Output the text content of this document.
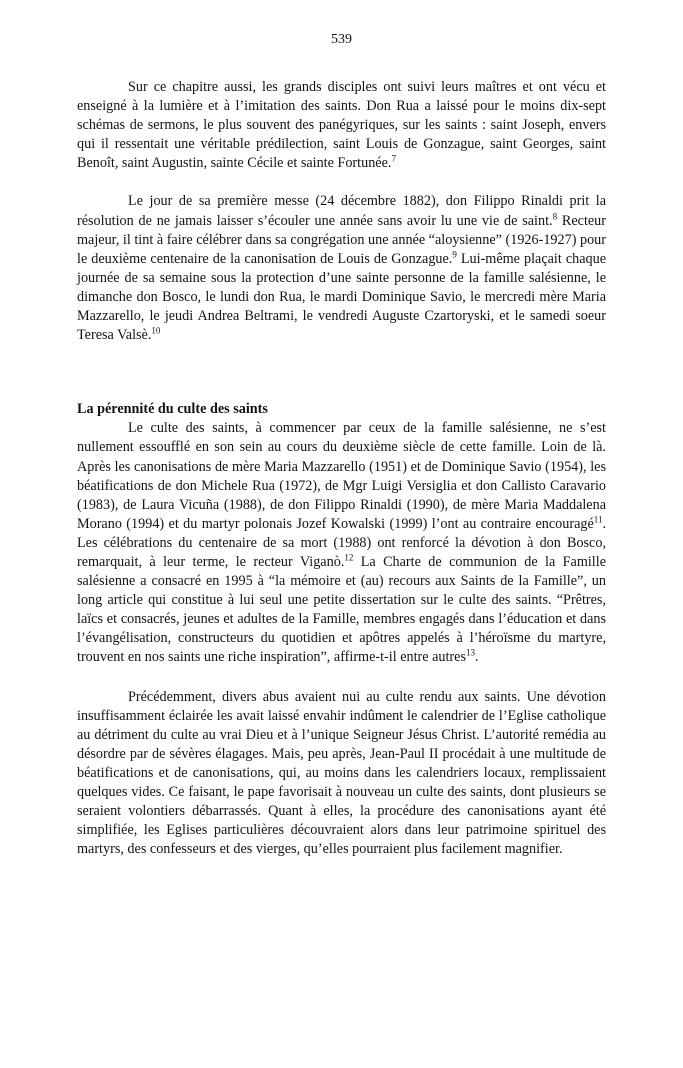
539

Sur ce chapitre aussi, les grands disciples ont suivi leurs maîtres et ont vécu et enseigné à la lumière et à l’imitation des saints. Don Rua a laissé pour le moins dix-sept schémas de sermons, le plus souvent des panégyriques, sur les saints : saint Joseph, envers qui il ressentait une véritable prédilection, saint Louis de Gonzague, saint Georges, saint Benoît, saint Augustin, sainte Cécile et sainte Fortunée.$^7$

Le jour de sa première messe (24 décembre 1882), don Filippo Rinaldi prit la résolution de ne jamais laisser s’écouler une année sans avoir lu une vie de saint.$^8$ Recteur majeur, il tint à faire célébrer dans sa congrégation une année “aloysienne” (1926-1927) pour le deuxième centenaire de la canonisation de Louis de Gonzague.$^9$ Lui-même plaçait chaque journée de sa semaine sous la protection d’une sainte personne de la famille salésienne, le dimanche don Bosco, le lundi don Rua, le mardi Dominique Savio, le mercredi mère Maria Mazzarello, le jeudi Andrea Beltrami, le vendredi Auguste Czartoryski, et le samedi soeur Teresa Valsè.$^{10}$

La pérennité du culte des saints

Le culte des saints, à commencer par ceux de la famille salésienne, ne s’est nullement essoufflé en son sein au cours du deuxième siècle de cette famille. Loin de là. Après les canonisations de mère Maria Mazzarello (1951) et de Dominique Savio (1954), les béatifications de don Michele Rua (1972), de Mgr Luigi Versiglia et don Callisto Caravario (1983), de Laura Vicuña (1988), de don Filippo Rinaldi (1990), de mère Maria Maddalena Morano (1994) et du martyr polonais Jozef Kowalski (1999) l’ont au contraire encouragé$^{11}$. Les célébrations du centenaire de sa mort (1988) ont renforcé la dévotion à don Bosco, remarquait, à leur terme, le recteur Viganò.$^{12}$ La Charte de communion de la Famille salésienne a consacré en 1995 à “la mémoire et (au) recours aux Saints de la Famille”, un long article qui constitue à lui seul une petite dissertation sur le culte des saints. “Prêtres, laïcs et consacrés, jeunes et adultes de la Famille, membres engagés dans l’éducation et dans l’évangélisation, constructeurs du quotidien et apôtres appelés à l’héroïsme du martyre, trouvent en nos saints une riche inspiration”, affirme-t-il entre autres$^{13}$.

Précédemment, divers abus avaient nui au culte rendu aux saints. Une dévotion insuffisamment éclairée les avait laissé envahir indûment le calendrier de l’Eglise catholique au détriment du culte au vrai Dieu et à l’unique Seigneur Jésus Christ. L’autorité remédia au désordre par de sévères élagages. Mais, peu après, Jean-Paul II procédait à une multitude de béatifications et de canonisations, qui, au moins dans les calendriers locaux, remplissaient quelques vides. Ce faisant, le pape favorisait à nouveau un culte des saints, dont plusieurs se seraient volontiers débarrassés. Quant à elles, la procédure des canonisations ayant été simplifiée, les Eglises particulières découvraient alors dans leur patrimoine spirituel des martyrs, des confesseurs et des vierges, qu’elles pourraient plus facilement magnifier.
